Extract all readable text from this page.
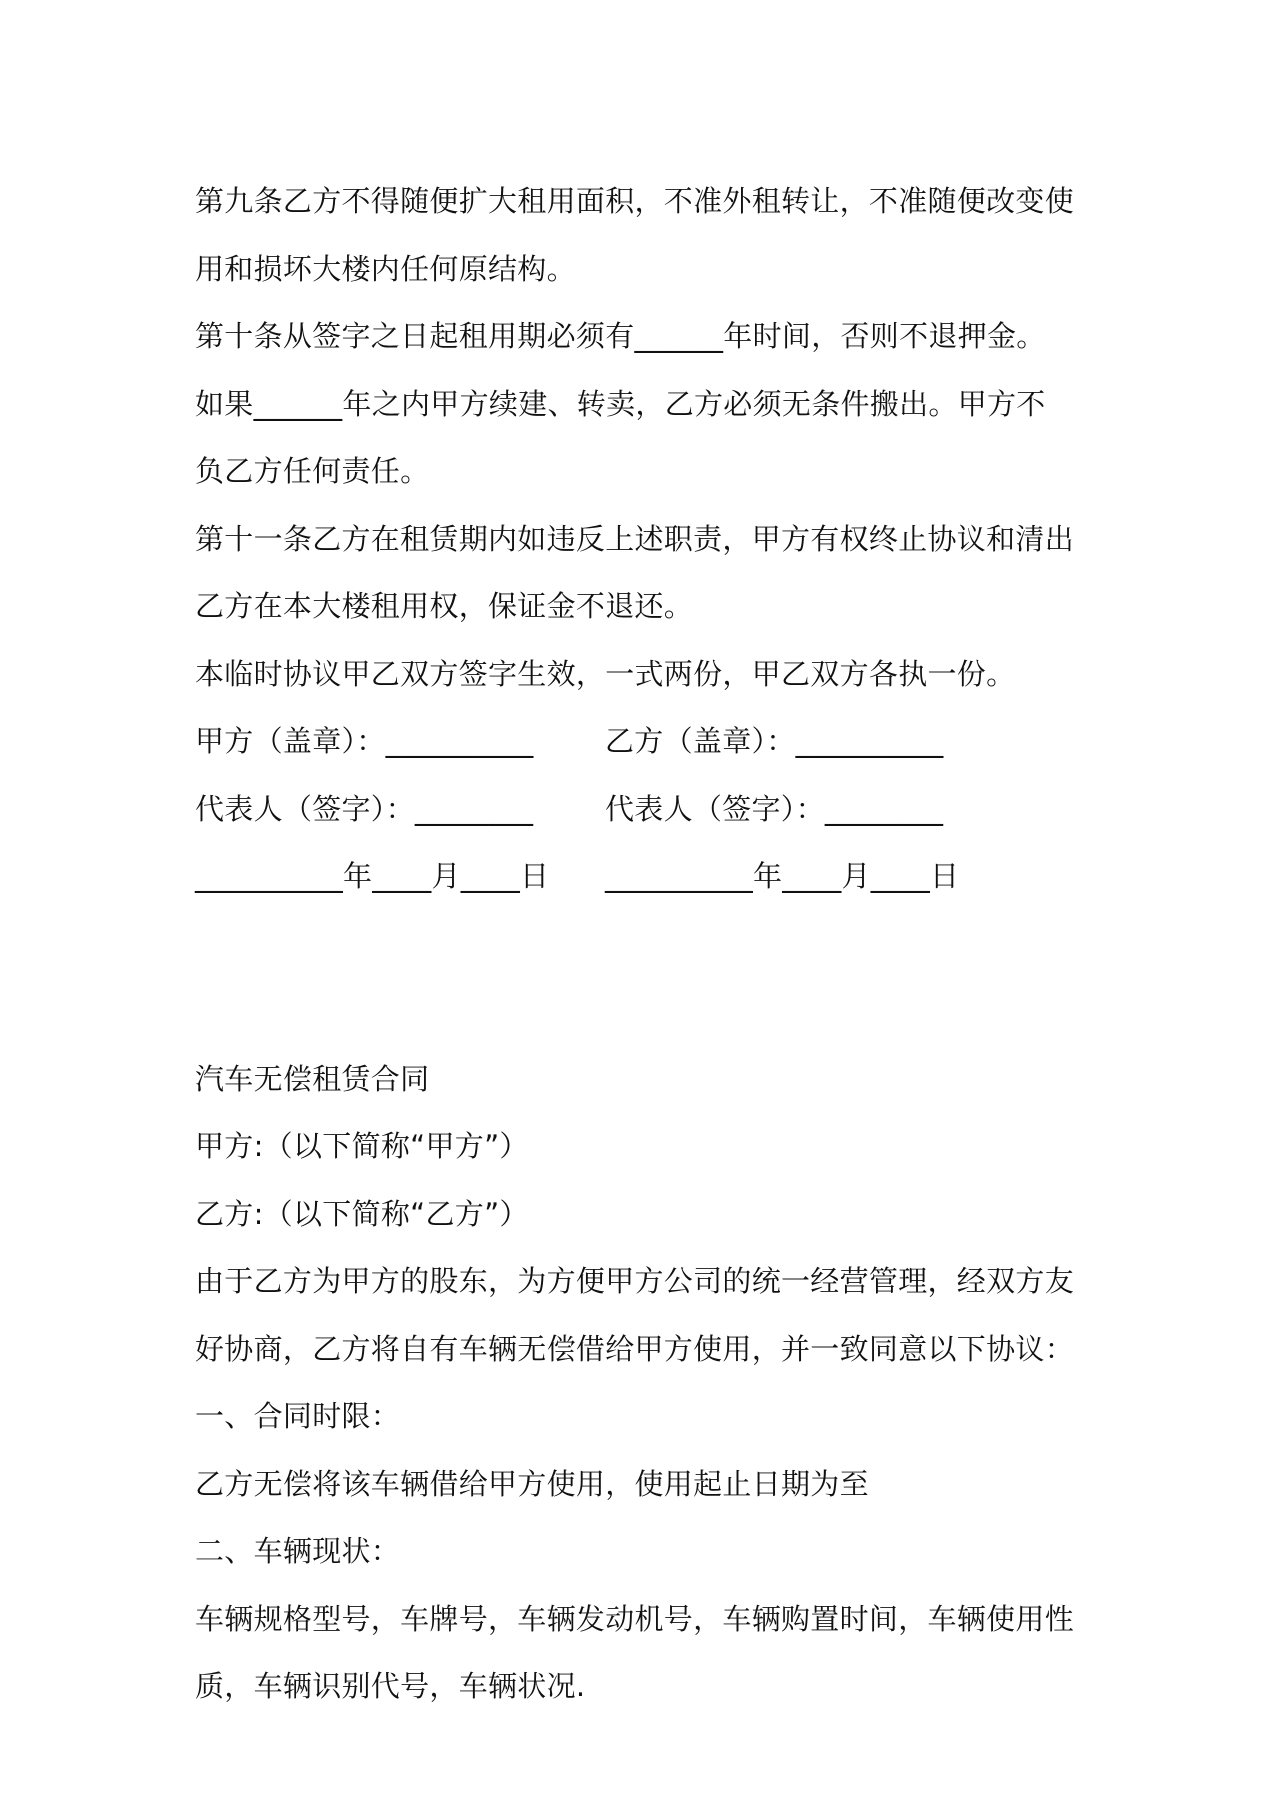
第九条乙方不得随便扩大租用面积，不准外租转让，不准随便改变使
用和损坏大楼内任何原结构。
第十条从签字之日起租用期必须有______年时间，否则不退押金。
如果______年之内甲方续建、转卖，乙方必须无条件搬出。甲方不
负乙方任何责任。
第十一条乙方在租赁期内如违反上述职责，甲方有权终止协议和清出
乙方在本大楼租用权，保证金不退还。
本临时协议甲乙双方签字生效，一式两份，甲乙双方各执一份。
甲方（盖章）：__________	乙方（盖章）：__________
代表人（签字）：________	代表人（签字）：________
__________年____月____日	__________年____月____日
汽车无偿租赁合同
甲方:（以下简称“甲方”）
乙方:（以下简称“乙方”）
由于乙方为甲方的股东，为方便甲方公司的统一经营管理，经双方友
好协商，乙方将自有车辆无偿借给甲方使用，并一致同意以下协议：
一、合同时限：
乙方无偿将该车辆借给甲方使用，使用起止日期为至
二、车辆现状：
车辆规格型号，车牌号，车辆发动机号，车辆购置时间，车辆使用性
质，车辆识别代号，车辆状况.
